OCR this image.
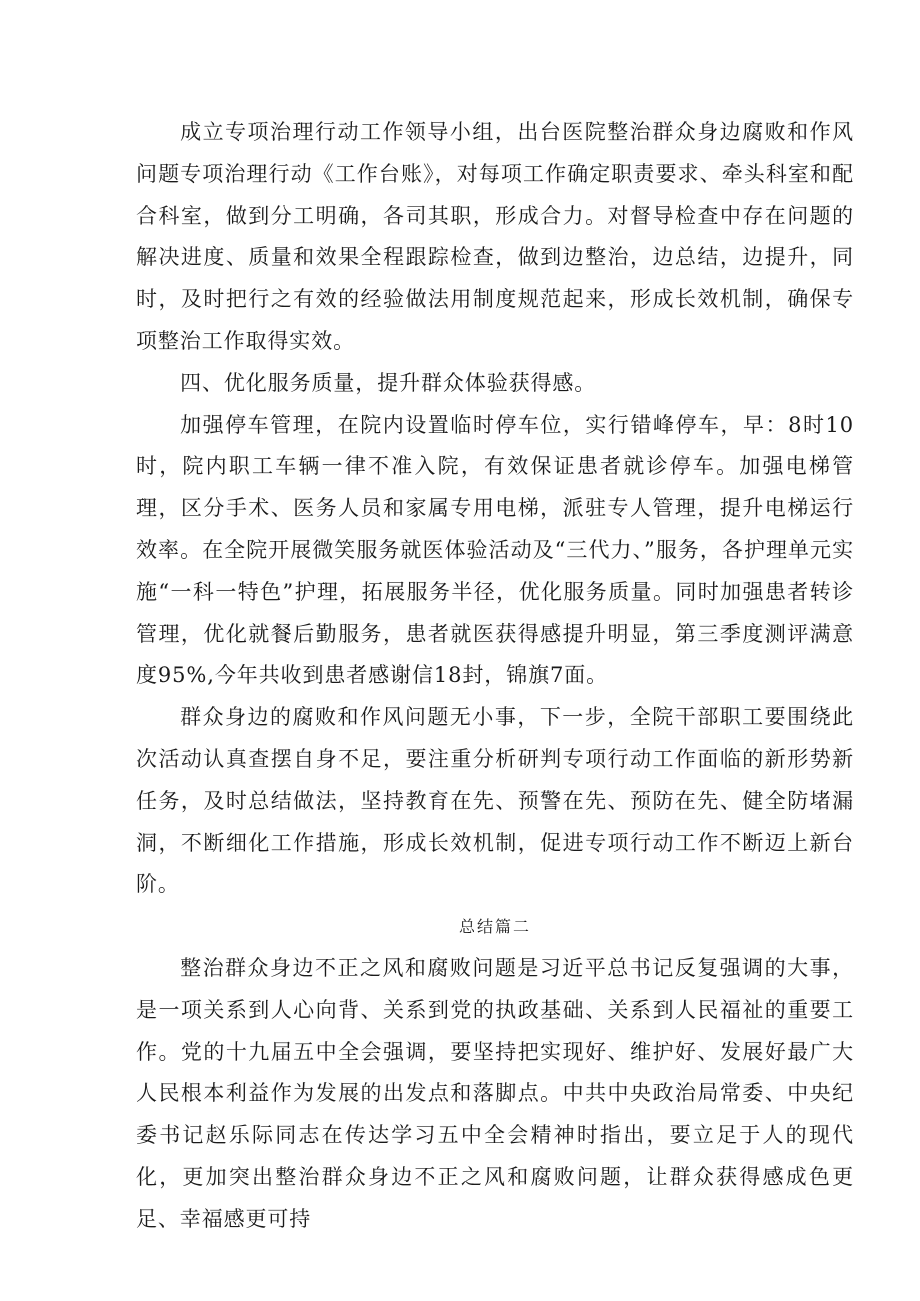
成立专项治理行动工作领导小组，出台医院整治群众身边腐败和作风问题专项治理行动《工作台账》，对每项工作确定职责要求、牵头科室和配合科室，做到分工明确，各司其职，形成合力。对督导检查中存在问题的解决进度、质量和效果全程跟踪检查，做到边整治，边总结，边提升，同时，及时把行之有效的经验做法用制度规范起来，形成长效机制，确保专项整治工作取得实效。

四、优化服务质量，提升群众体验获得感。

加强停车管理，在院内设置临时停车位，实行错峰停车，早：8时10时，院内职工车辆一律不准入院，有效保证患者就诊停车。加强电梯管理，区分手术、医务人员和家属专用电梯，派驻专人管理，提升电梯运行效率。在全院开展微笑服务就医体验活动及“三代力、”服务，各护理单元实施“一科一特色”护理，拓展服务半径，优化服务质量。同时加强患者转诊管理，优化就餐后勤服务，患者就医获得感提升明显，第三季度测评满意度95%,今年共收到患者感谢信18封，锦旗7面。

群众身边的腐败和作风问题无小事，下一步，全院干部职工要围绕此次活动认真查摆自身不足，要注重分析研判专项行动工作面临的新形势新任务，及时总结做法，坚持教育在先、预警在先、预防在先、健全防堵漏洞，不断细化工作措施，形成长效机制，促进专项行动工作不断迈上新台阶。

总结篇二

整治群众身边不正之风和腐败问题是习近平总书记反复强调的大事，是一项关系到人心向背、关系到党的执政基础、关系到人民福祉的重要工作。党的十九届五中全会强调，要坚持把实现好、维护好、发展好最广大人民根本利益作为发展的出发点和落脚点。中共中央政治局常委、中央纪委书记赵乐际同志在传达学习五中全会精神时指出，要立足于人的现代化，更加突出整治群众身边不正之风和腐败问题，让群众获得感成色更足、幸福感更可持
